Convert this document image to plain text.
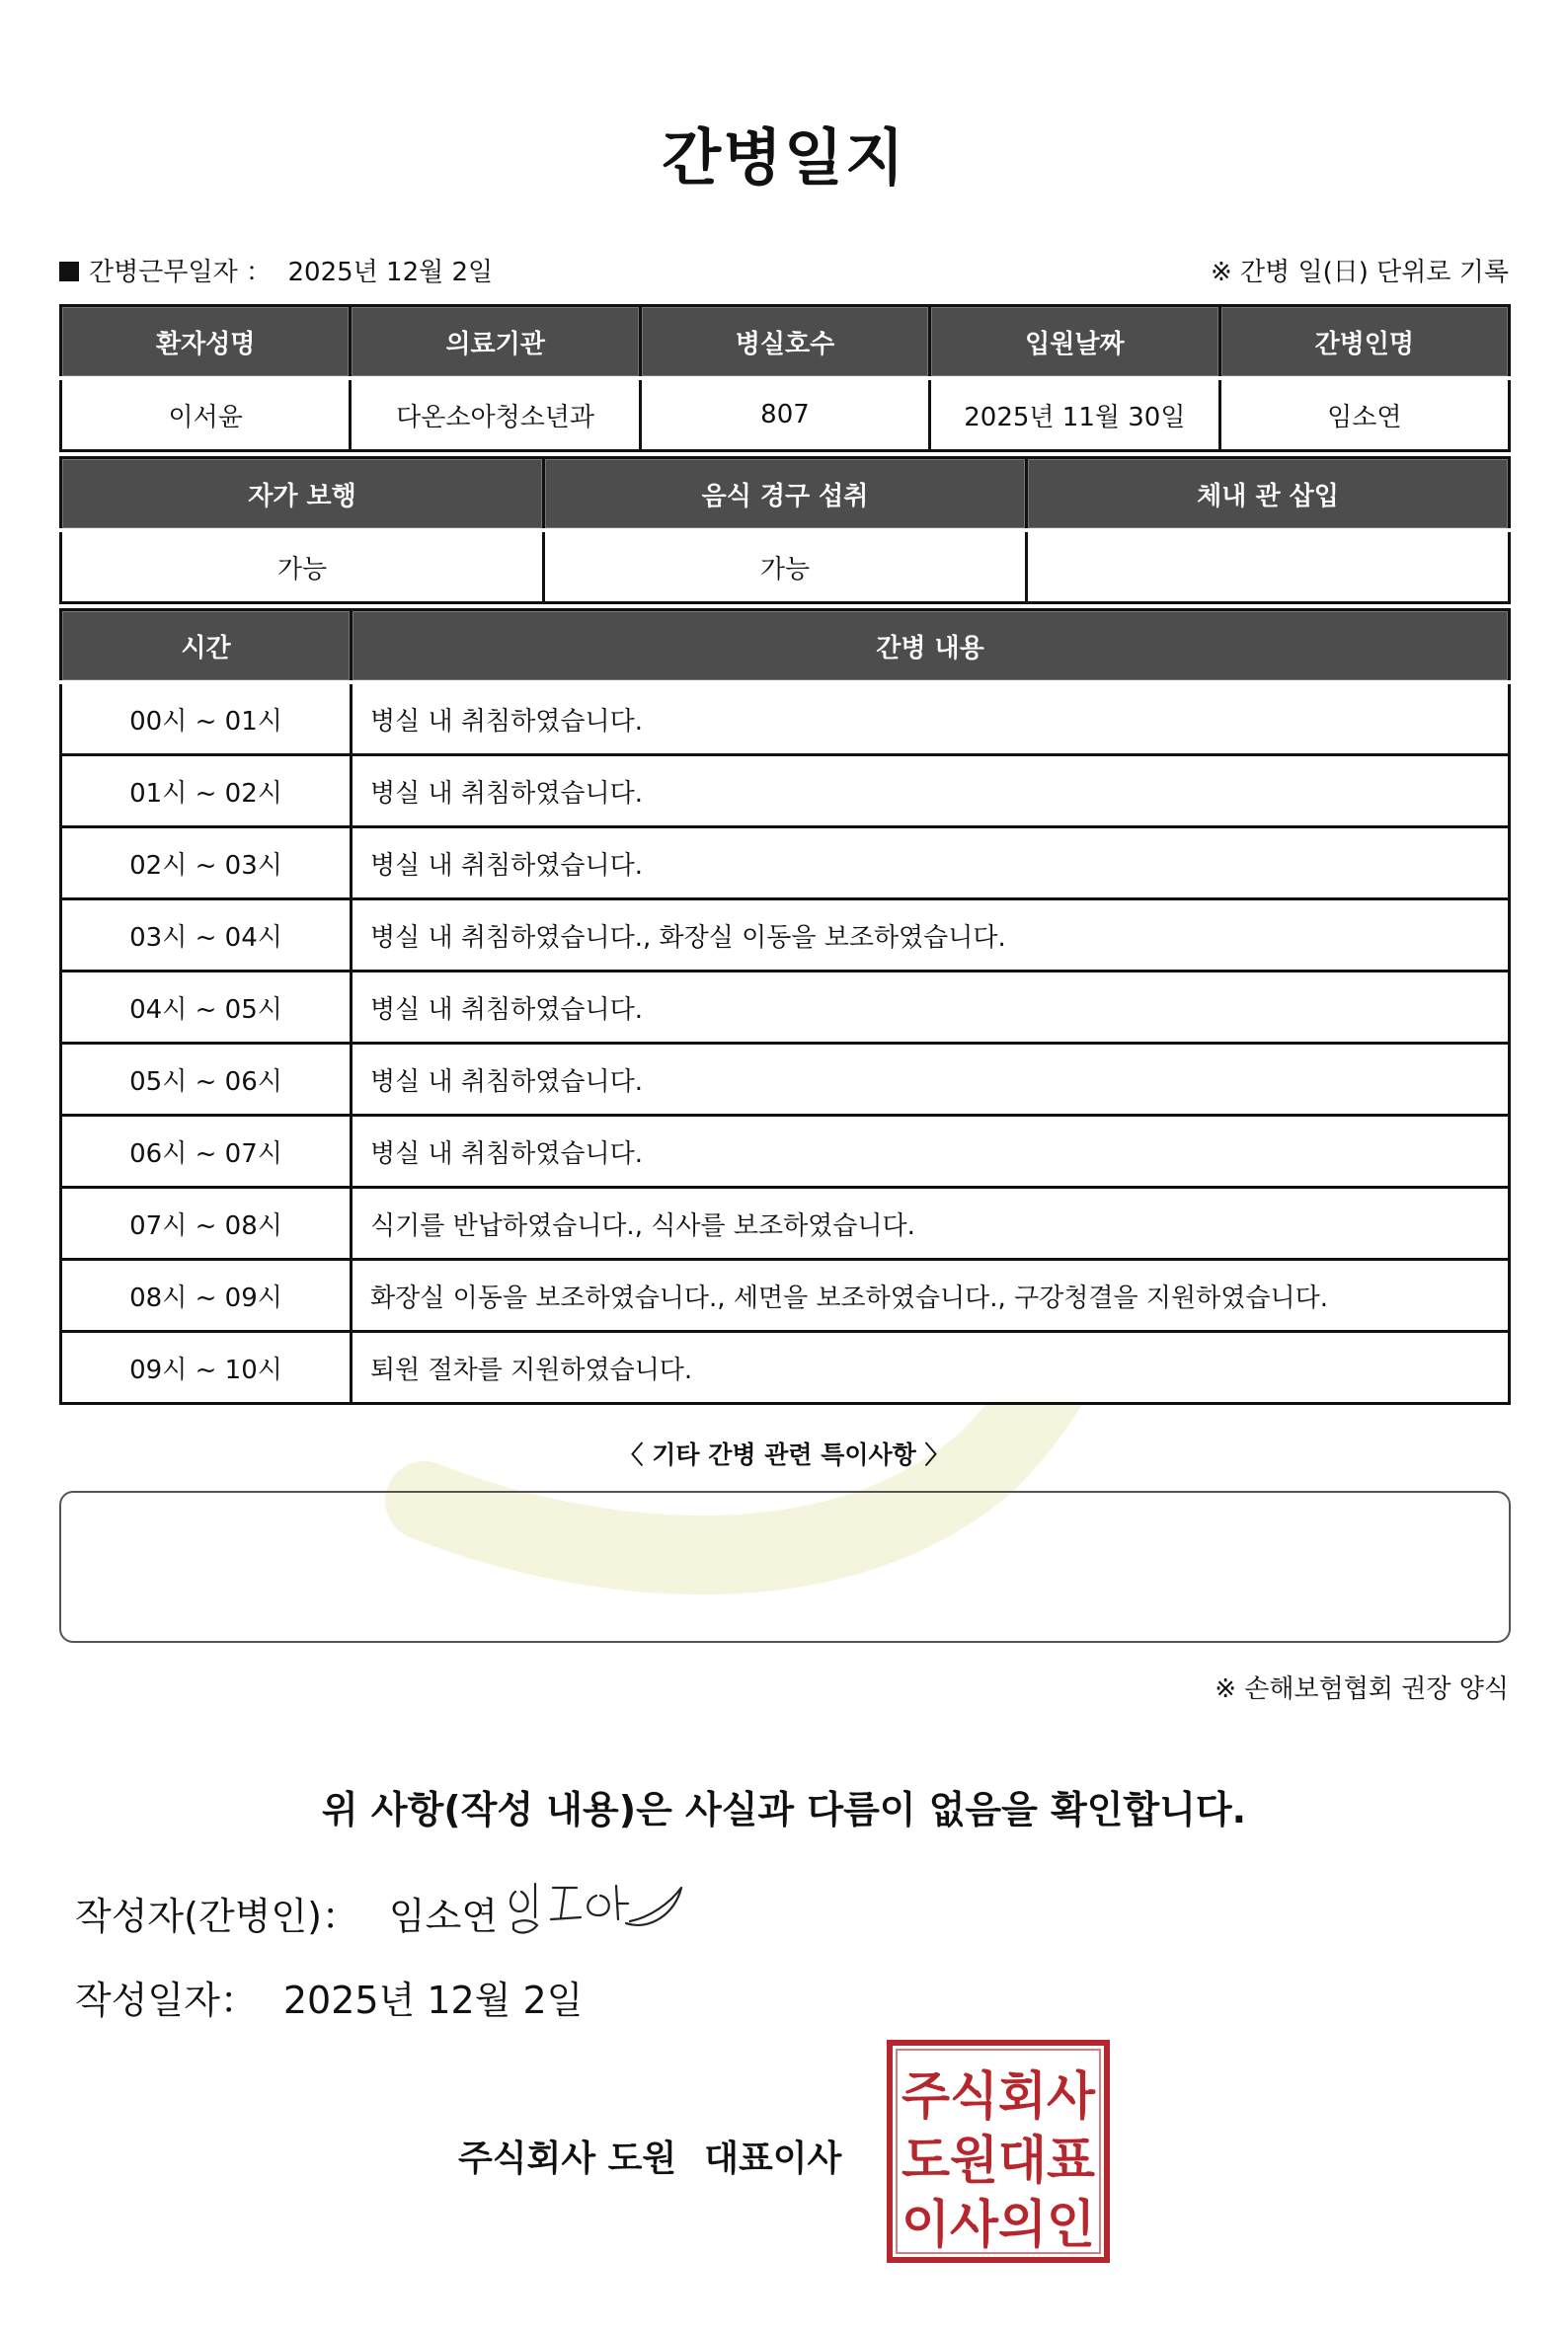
간병일지
간병근무일자 ： 2025년 12월 2일	※ 간병 일(日) 단위로 기록
환자성명	의료기관	병실호수	입원날짜	간병인명
이서윤	다온소아청소년과	807	2025년 11월 30일	임소연
자가 보행	음식 경구 섭취	체내 관 삽입
가능	가능	
시간	간병 내용
00시 ~ 01시	병실 내 취침하였습니다.
01시 ~ 02시	병실 내 취침하였습니다.
02시 ~ 03시	병실 내 취침하였습니다.
03시 ~ 04시	병실 내 취침하였습니다., 화장실 이동을 보조하였습니다.
04시 ~ 05시	병실 내 취침하였습니다.
05시 ~ 06시	병실 내 취침하였습니다.
06시 ~ 07시	병실 내 취침하였습니다.
07시 ~ 08시	식기를 반납하였습니다., 식사를 보조하였습니다.
08시 ~ 09시	화장실 이동을 보조하였습니다., 세면을 보조하였습니다., 구강청결을 지원하였습니다.
09시 ~ 10시	퇴원 절차를 지원하였습니다.
〈 기타 간병 관련 특이사항 〉
※ 손해보험협회 권장 양식
위 사항(작성 내용)은 사실과 다름이 없음을 확인합니다.
작성자(간병인)： 임소연
작성일자： 2025년 12월 2일
주식회사 도원 대표이사
주식회사
도원대표
이사의인
